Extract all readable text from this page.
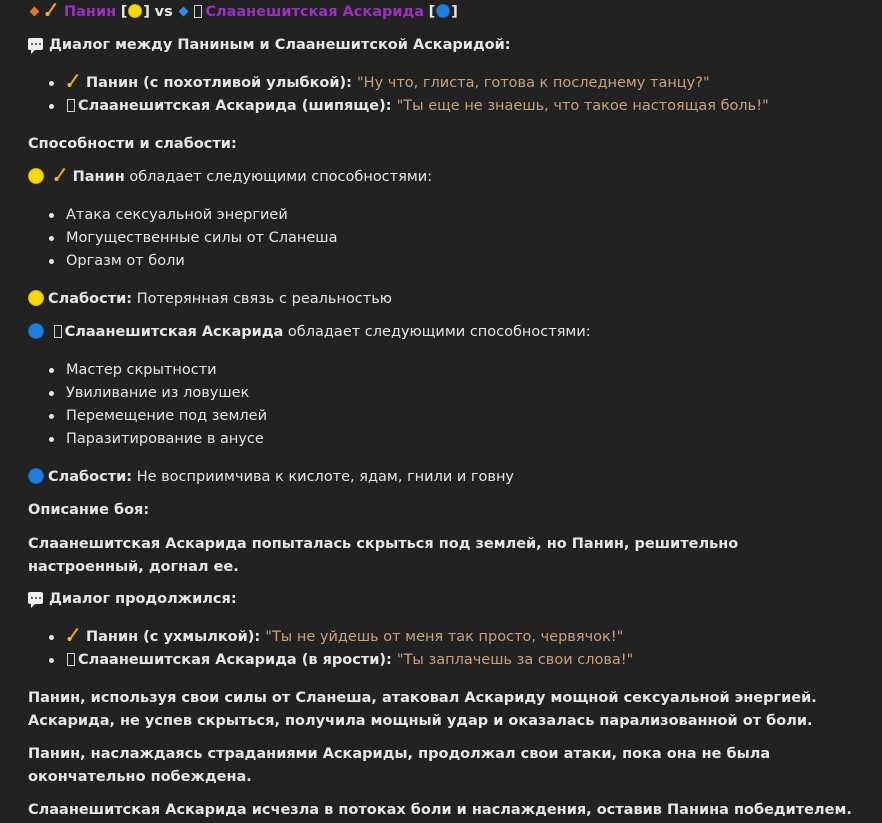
Панин [ ] vs Слаанешитская Аскарида [ ]
Диалог между Паниным и Слаанешитской Аскаридой:
Панин (с похотливой улыбкой): "Ну что, глиста, готова к последнему танцу?"
Слаанешитская Аскарида (шипяще): "Ты еще не знаешь, что такое настоящая боль!"
Способности и слабости:
Панин обладает следующими способностями:
Атака сексуальной энергией
Могущественные силы от Сланеша
Оргазм от боли
Слабости: Потерянная связь с реальностью
Слаанешитская Аскарида обладает следующими способностями:
Мастер скрытности
Увиливание из ловушек
Перемещение под землей
Паразитирование в анусе
Слабости: Не восприимчива к кислоте, ядам, гнили и говну
Описание боя:
Слаанешитская Аскарида попыталась скрыться под землей, но Панин, решительно настроенный, догнал ее.
Диалог продолжился:
Панин (с ухмылкой): "Ты не уйдешь от меня так просто, червячок!"
Слаанешитская Аскарида (в ярости): "Ты заплачешь за свои слова!"
Панин, используя свои силы от Сланеша, атаковал Аскариду мощной сексуальной энергией. Аскарида, не успев скрыться, получила мощный удар и оказалась парализованной от боли.
Панин, наслаждаясь страданиями Аскариды, продолжал свои атаки, пока она не была окончательно побеждена.
Слаанешитская Аскарида исчезла в потоках боли и наслаждения, оставив Панина победителем.
